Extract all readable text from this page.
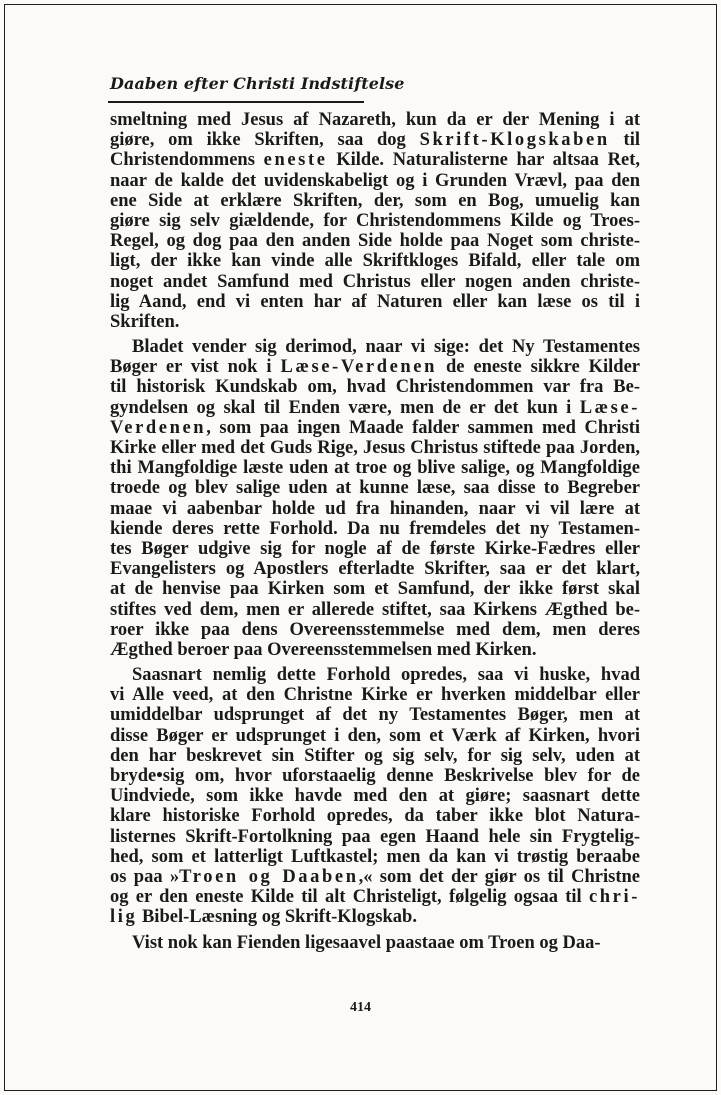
Daaben efter Christi Indstiftelse
smeltning med Jesus af Nazareth, kun da er der Mening i at
giøre, om ikke Skriften, saa dog Skrift-Klogskaben til
Christendommens eneste Kilde. Naturalisterne har altsaa Ret,
naar de kalde det uvidenskabeligt og i Grunden Vrævl, paa den
ene Side at erklære Skriften, der, som en Bog, umuelig kan
giøre sig selv giældende, for Christendommens Kilde og Troes-
Regel, og dog paa den anden Side holde paa Noget som christe-
ligt, der ikke kan vinde alle Skriftkloges Bifald, eller tale om
noget andet Samfund med Christus eller nogen anden christe-
lig Aand, end vi enten har af Naturen eller kan læse os til i
Skriften.
Bladet vender sig derimod, naar vi sige: det Ny Testamentes
Bøger er vist nok i Læse-Verdenen de eneste sikkre Kilder
til historisk Kundskab om, hvad Christendommen var fra Be-
gyndelsen og skal til Enden være, men de er det kun i Læse-
Verdenen, som paa ingen Maade falder sammen med Christi
Kirke eller med det Guds Rige, Jesus Christus stiftede paa Jorden,
thi Mangfoldige læste uden at troe og blive salige, og Mangfoldige
troede og blev salige uden at kunne læse, saa disse to Begreber
maae vi aabenbar holde ud fra hinanden, naar vi vil lære at
kiende deres rette Forhold. Da nu fremdeles det ny Testamen-
tes Bøger udgive sig for nogle af de første Kirke-Fædres eller
Evangelisters og Apostlers efterladte Skrifter, saa er det klart,
at de henvise paa Kirken som et Samfund, der ikke først skal
stiftes ved dem, men er allerede stiftet, saa Kirkens Ægthed be-
roer ikke paa dens Overeensstemmelse med dem, men deres
Ægthed beroer paa Overeensstemmelsen med Kirken.
Saasnart nemlig dette Forhold opredes, saa vi huske, hvad
vi Alle veed, at den Christne Kirke er hverken middelbar eller
umiddelbar udsprunget af det ny Testamentes Bøger, men at
disse Bøger er udsprunget i den, som et Værk af Kirken, hvori
den har beskrevet sin Stifter og sig selv, for sig selv, uden at
bryde•sig om, hvor uforstaaelig denne Beskrivelse blev for de
Uindviede, som ikke havde med den at giøre; saasnart dette
klare historiske Forhold opredes, da taber ikke blot Natura-
listernes Skrift-Fortolkning paa egen Haand hele sin Frygtelig-
hed, som et latterligt Luftkastel; men da kan vi trøstig beraabe
os paa »Troen og Daaben,« som det der giør os til Christne
og er den eneste Kilde til alt Christeligt, følgelig ogsaa til chri-
lig Bibel-Læsning og Skrift-Klogskab.
Vist nok kan Fienden ligesaavel paastaae om Troen og Daa-
414
